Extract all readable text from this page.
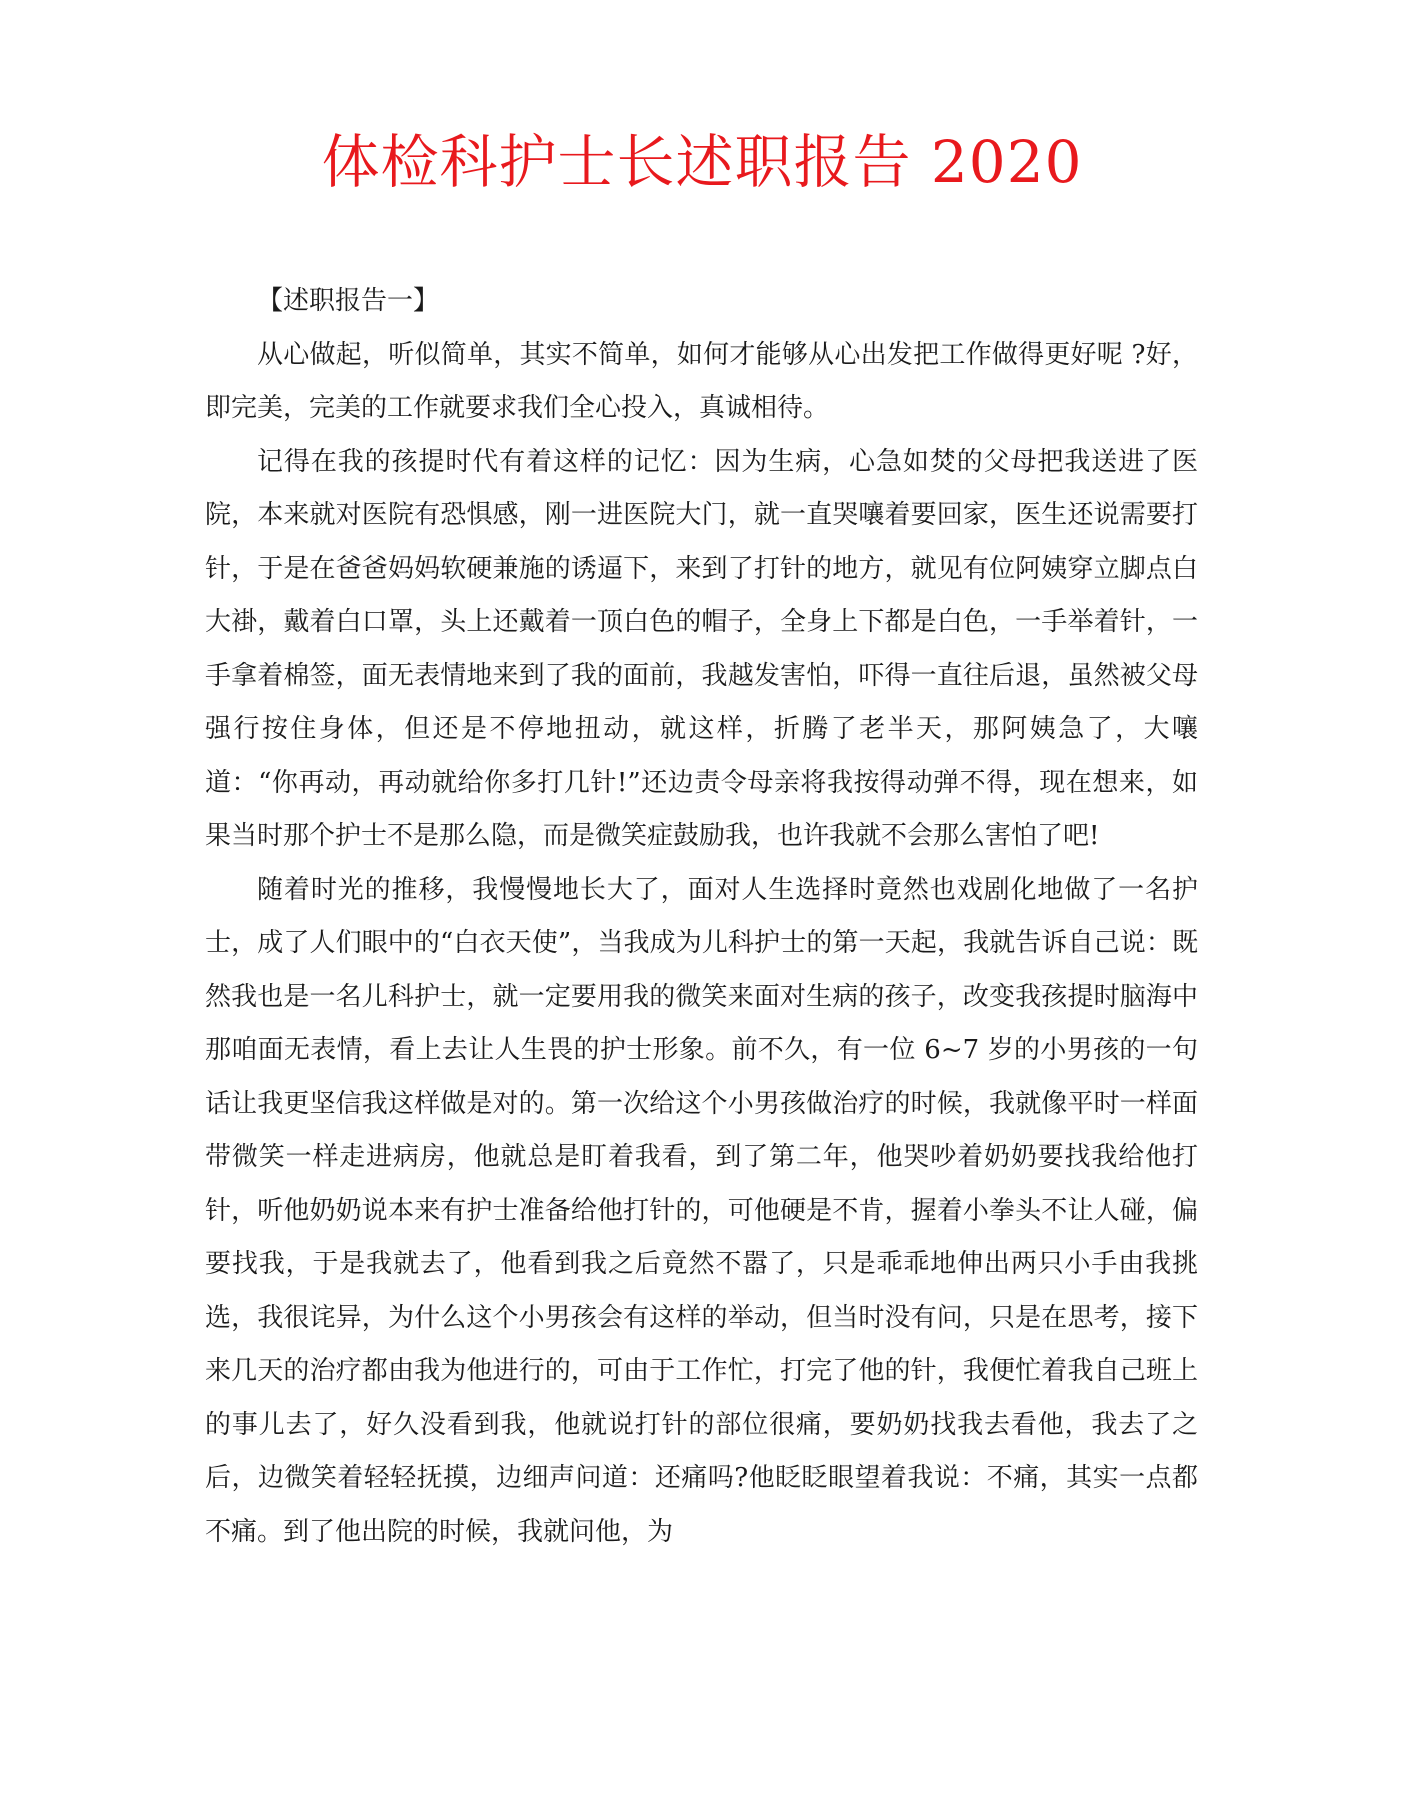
体检科护士长述职报告 2020

【述职报告一】

从心做起，听似简单，其实不简单，如何才能够从心出发把工作做得更好呢 ?好，即完美，完美的工作就要求我们全心投入，真诚相待。

记得在我的孩提时代有着这样的记忆：因为生病，心急如焚的父母把我送进了医院，本来就对医院有恐惧感，刚一进医院大门，就一直哭嚷着要回家，医生还说需要打针，于是在爸爸妈妈软硬兼施的诱逼下，来到了打针的地方，就见有位阿姨穿立脚点白大褂，戴着白口罩，头上还戴着一顶白色的帽子，全身上下都是白色，一手举着针，一手拿着棉签，面无表情地来到了我的面前，我越发害怕，吓得一直往后退，虽然被父母强行按住身体，但还是不停地扭动，就这样，折腾了老半天，那阿姨急了，大嚷道：“你再动，再动就给你多打几针!”还边责令母亲将我按得动弹不得，现在想来，如果当时那个护士不是那么隐，而是微笑症鼓励我，也许我就不会那么害怕了吧!

随着时光的推移，我慢慢地长大了，面对人生选择时竟然也戏剧化地做了一名护士，成了人们眼中的“白衣天使”，当我成为儿科护士的第一天起，我就告诉自己说：既然我也是一名儿科护士，就一定要用我的微笑来面对生病的孩子，改变我孩提时脑海中那咱面无表情，看上去让人生畏的护士形象。前不久，有一位 6~7 岁的小男孩的一句话让我更坚信我这样做是对的。第一次给这个小男孩做治疗的时候，我就像平时一样面带微笑一样走进病房，他就总是盯着我看，到了第二年，他哭吵着奶奶要找我给他打针，听他奶奶说本来有护士准备给他打针的，可他硬是不肯，握着小拳头不让人碰，偏要找我，于是我就去了，他看到我之后竟然不嚣了，只是乖乖地伸出两只小手由我挑选，我很诧异，为什么这个小男孩会有这样的举动，但当时没有问，只是在思考，接下来几天的治疗都由我为他进行的，可由于工作忙，打完了他的针，我便忙着我自己班上的事儿去了，好久没看到我，他就说打针的部位很痛，要奶奶找我去看他，我去了之后，边微笑着轻轻抚摸，边细声问道：还痛吗?他眨眨眼望着我说：不痛，其实一点都不痛。到了他出院的时候，我就问他，为
